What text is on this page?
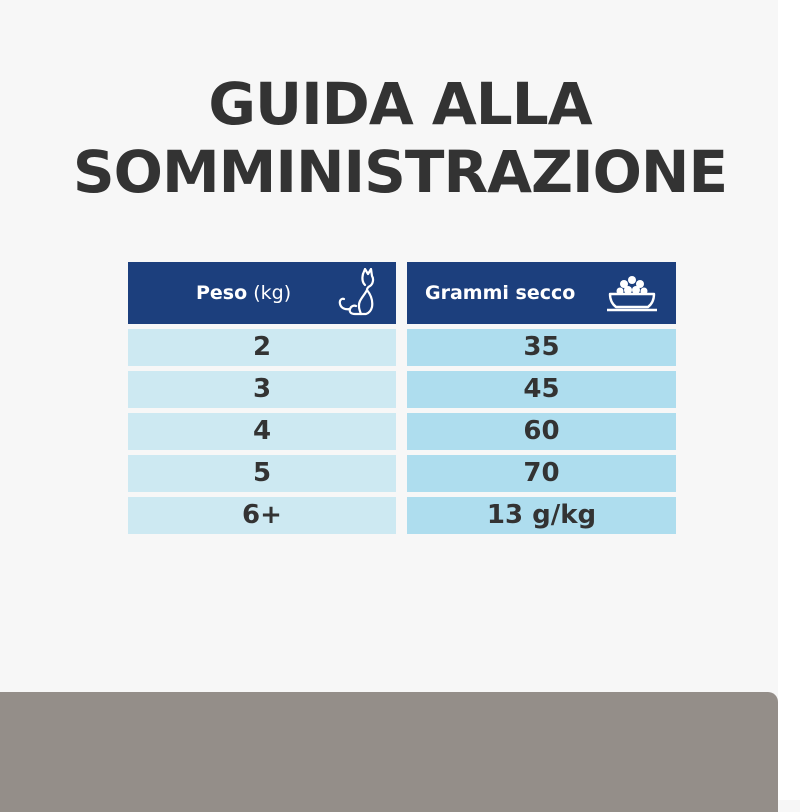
GUIDA ALLA
SOMMINISTRAZIONE
Peso (kg)
2
3
4
5
6+
Grammi secco
35
45
60
70
13 g/kg
